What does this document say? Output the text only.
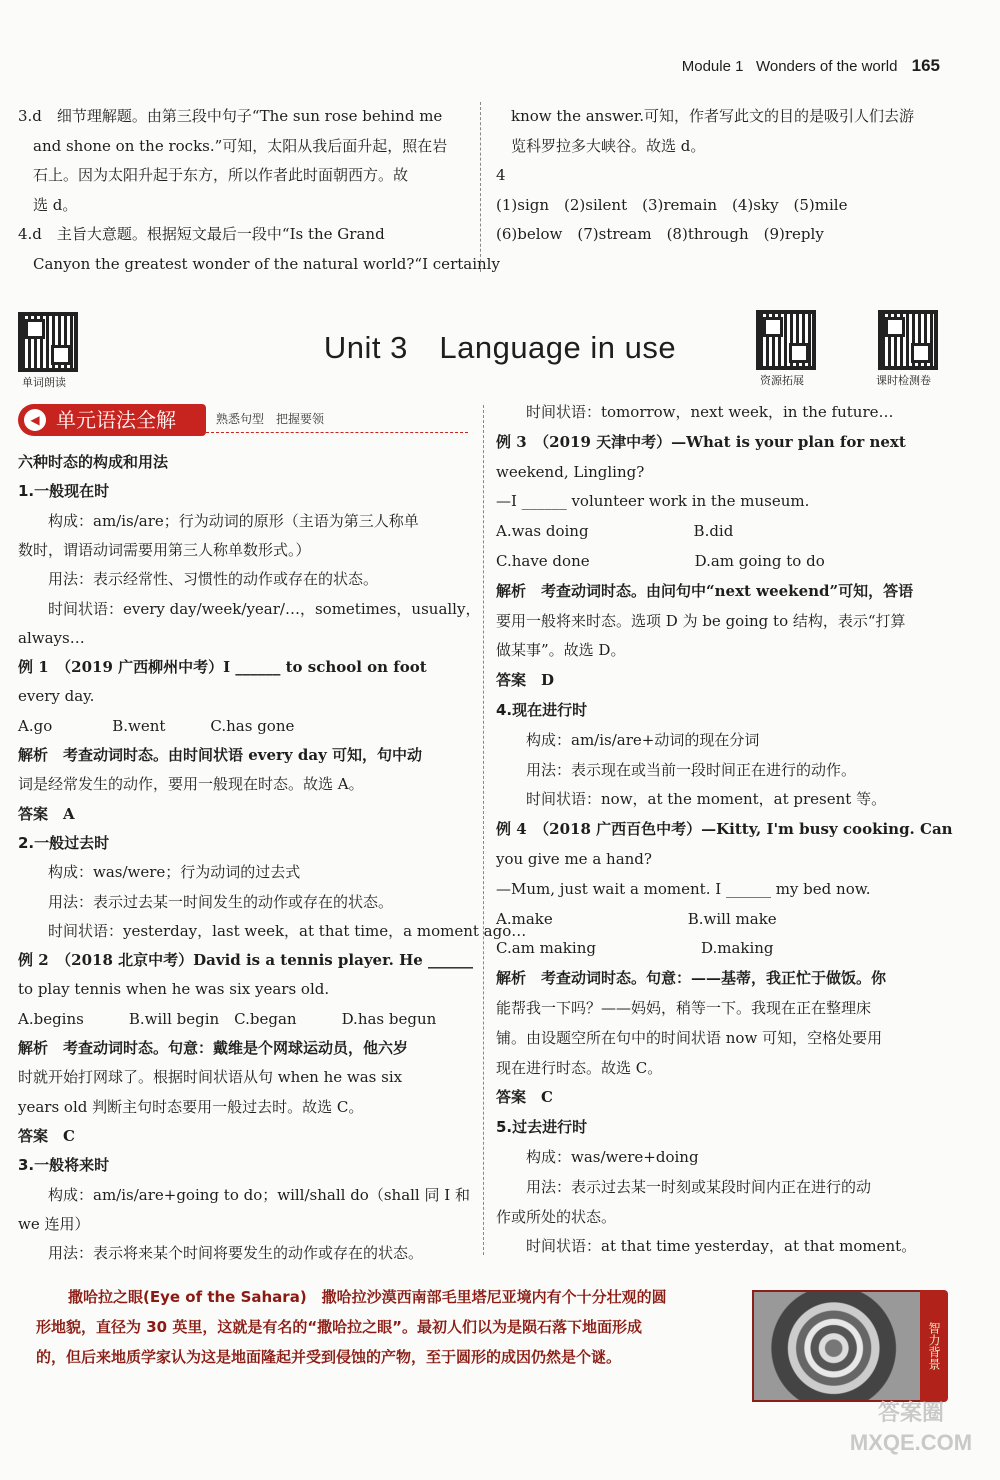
Module 1 Wonders of the world 165
3.d　细节理解题。由第三段中句子“The sun rose behind me
　and shone on the rocks.”可知，太阳从我后面升起，照在岩
　石上。因为太阳升起于东方，所以作者此时面朝西方。故
　选 d。
4.d　主旨大意题。根据短文最后一段中“Is the Grand
　Canyon the greatest wonder of the natural world?“I certainly
　know the answer.可知，作者写此文的目的是吸引人们去游
　览科罗拉多大峡谷。故选 d。
4
(1)sign　(2)silent　(3)remain　(4)sky　(5)mile
(6)below　(7)stream　(8)through　(9)reply
单词朗读	资源拓展	课时检测卷
Unit 3　Language in use
单元语法全解
◀	熟悉句型　把握要领
六种时态的构成和用法
1.一般现在时
　　构成：am/is/are；行为动词的原形（主语为第三人称单
数时，谓语动词需要用第三人称单数形式。）
　　用法：表示经常性、习惯性的动作或存在的状态。
　　时间状语：every day/week/year/…，sometimes，usually，
always…
例 1　（2019 广西柳州中考）I ______ to school on foot
every day.
A.go　　　　B.went　　　C.has gone
解析　考查动词时态。由时间状语 every day 可知，句中动
词是经常发生的动作，要用一般现在时态。故选 A。
答案　A
2.一般过去时
　　构成：was/were；行为动词的过去式
　　用法：表示过去某一时间发生的动作或存在的状态。
　　时间状语：yesterday，last week，at that time，a moment ago…
例 2　（2018 北京中考）David is a tennis player. He ______
to play tennis when he was six years old.
A.begins　　　B.will begin　C.began　　　D.has begun
解析　考查动词时态。句意：戴维是个网球运动员，他六岁
时就开始打网球了。根据时间状语从句 when he was six
years old 判断主句时态要用一般过去时。故选 C。
答案　C
3.一般将来时
　　构成：am/is/are+going to do；will/shall do（shall 同 I 和
we 连用）
　　用法：表示将来某个时间将要发生的动作或存在的状态。
　　时间状语：tomorrow，next week，in the future…
例 3　（2019 天津中考）—What is your plan for next
weekend, Lingling?
—I ______ volunteer work in the museum.
A.was doing　　　　　　　B.did
C.have done　　　　　　　D.am going to do
解析　考查动词时态。由问句中“next weekend”可知，答语
要用一般将来时态。选项 D 为 be going to 结构，表示“打算
做某事”。故选 D。
答案　D
4.现在进行时
　　构成：am/is/are+动词的现在分词
　　用法：表示现在或当前一段时间正在进行的动作。
　　时间状语：now，at the moment，at present 等。
例 4　（2018 广西百色中考）—Kitty, I'm busy cooking. Can
you give me a hand?
—Mum, just wait a moment. I ______ my bed now.
A.make　　　　　　　　　B.will make
C.am making　　　　　　　D.making
解析　考查动词时态。句意：——基蒂，我正忙于做饭。你
能帮我一下吗？——妈妈，稍等一下。我现在正在整理床
铺。由设题空所在句中的时间状语 now 可知，空格处要用
现在进行时态。故选 C。
答案　C
5.过去进行时
　　构成：was/were+doing
　　用法：表示过去某一时刻或某段时间内正在进行的动
作或所处的状态。
　　时间状语：at that time yesterday，at that moment。
撒哈拉之眼(Eye of the Sahara)　撒哈拉沙漠西南部毛里塔尼亚境内有个十分壮观的圆
形地貌，直径为 30 英里，这就是有名的“撒哈拉之眼”。最初人们以为是陨石落下地面形成
的，但后来地质学家认为这是地面隆起并受到侵蚀的产物，至于圆形的成因仍然是个谜。	智力背景
答案圈
MXQE.COM
